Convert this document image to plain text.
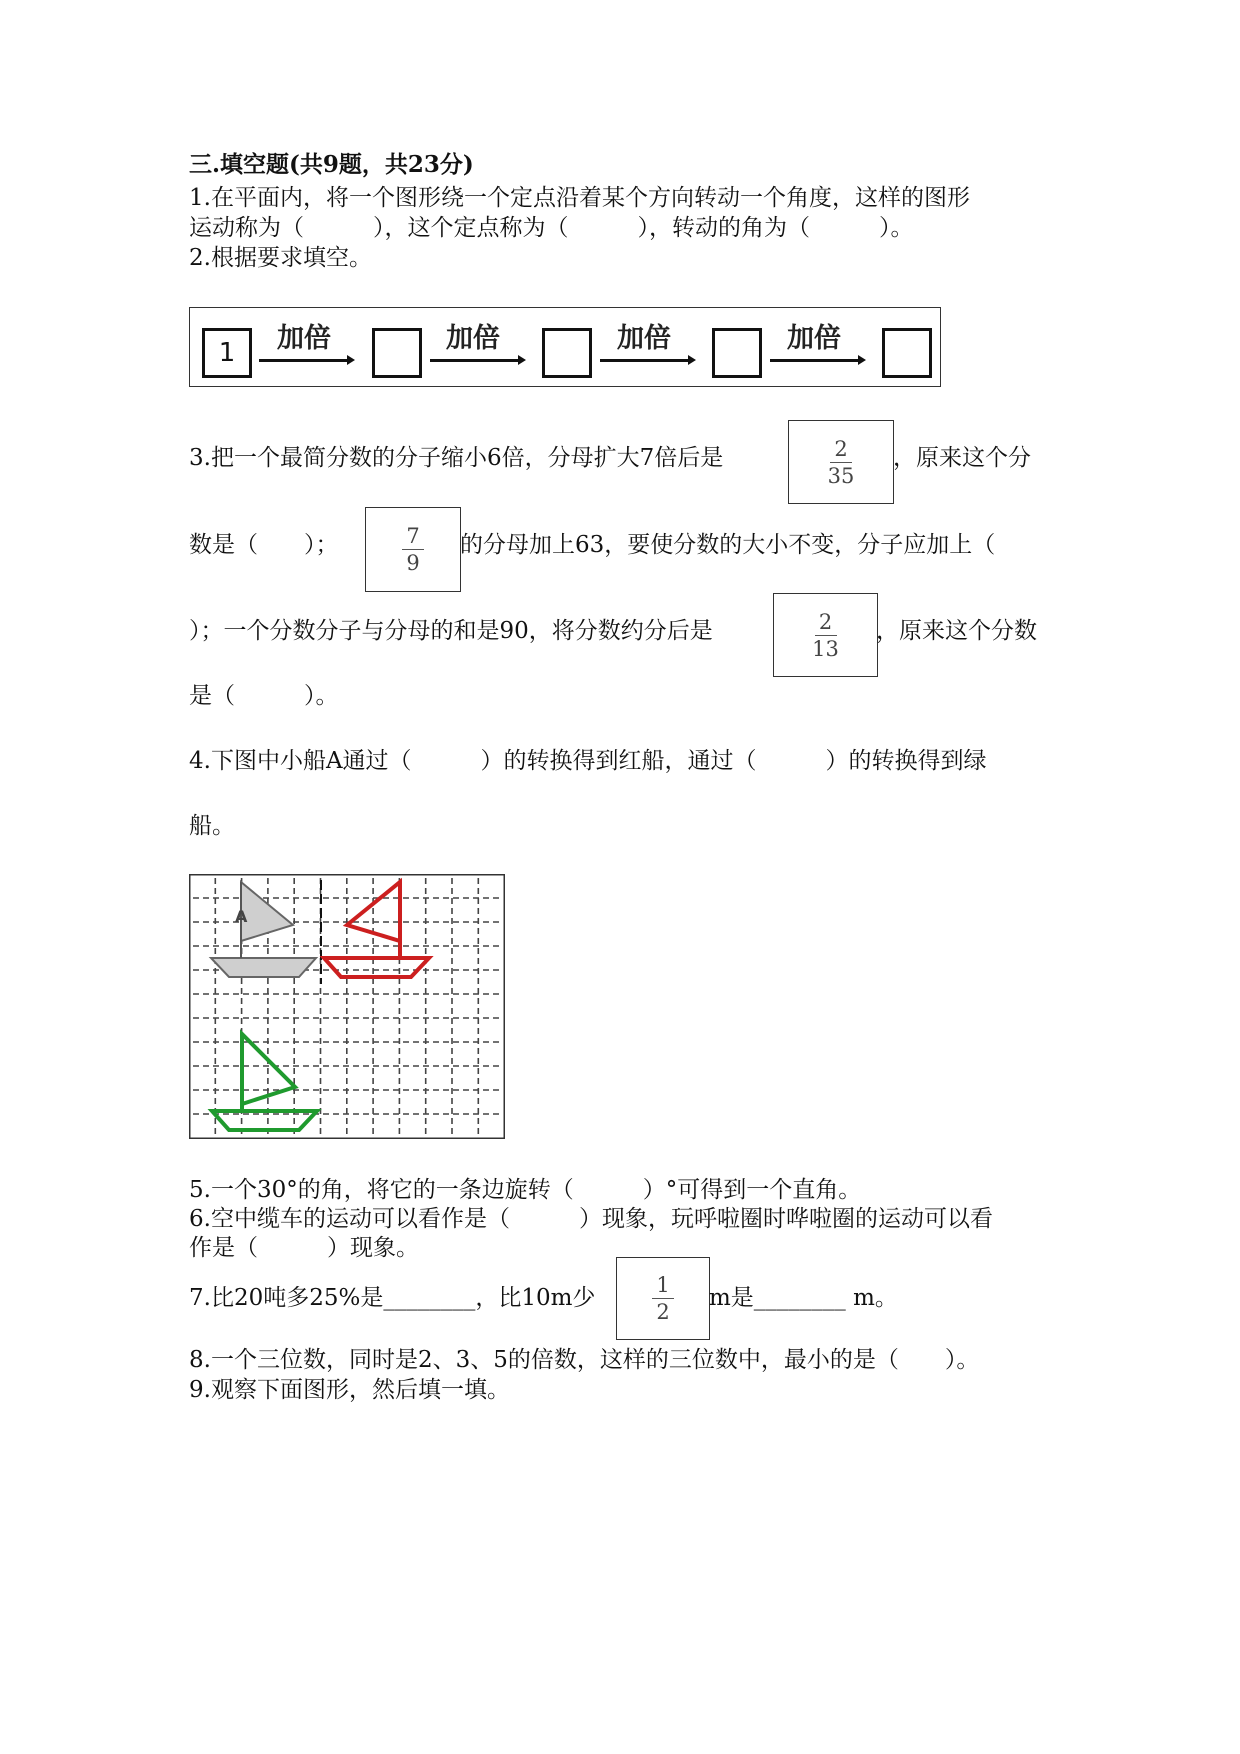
三.填空题(共9题，共23分)
1.在平面内，将一个图形绕一个定点沿着某个方向转动一个角度，这样的图形
运动称为（　　　），这个定点称为（　　　），转动的角为（　　　）。
2.根据要求填空。
1	加倍	加倍	加倍	加倍
3.把一个最简分数的分子缩小6倍，分母扩大7倍后是	2
35
，原来这个分
数是（　　）；	7
9
的分母加上63，要使分数的大小不变，分子应加上（
）；一个分数分子与分母的和是90，将分数约分后是	2
13
，原来这个分数
是（　　　）。
4.下图中小船A通过（　　　）的转换得到红船，通过（　　　）的转换得到绿
船。
A
5.一个30°的角，将它的一条边旋转（　　　）°可得到一个直角。
6.空中缆车的运动可以看作是（　　　）现象，玩呼啦圈时哗啦圈的运动可以看
作是（　　　）现象。
7.比20吨多25%是________，比10m少	1
2
m是________ m。
8.一个三位数，同时是2、3、5的倍数，这样的三位数中，最小的是（　　）。
9.观察下面图形，然后填一填。
